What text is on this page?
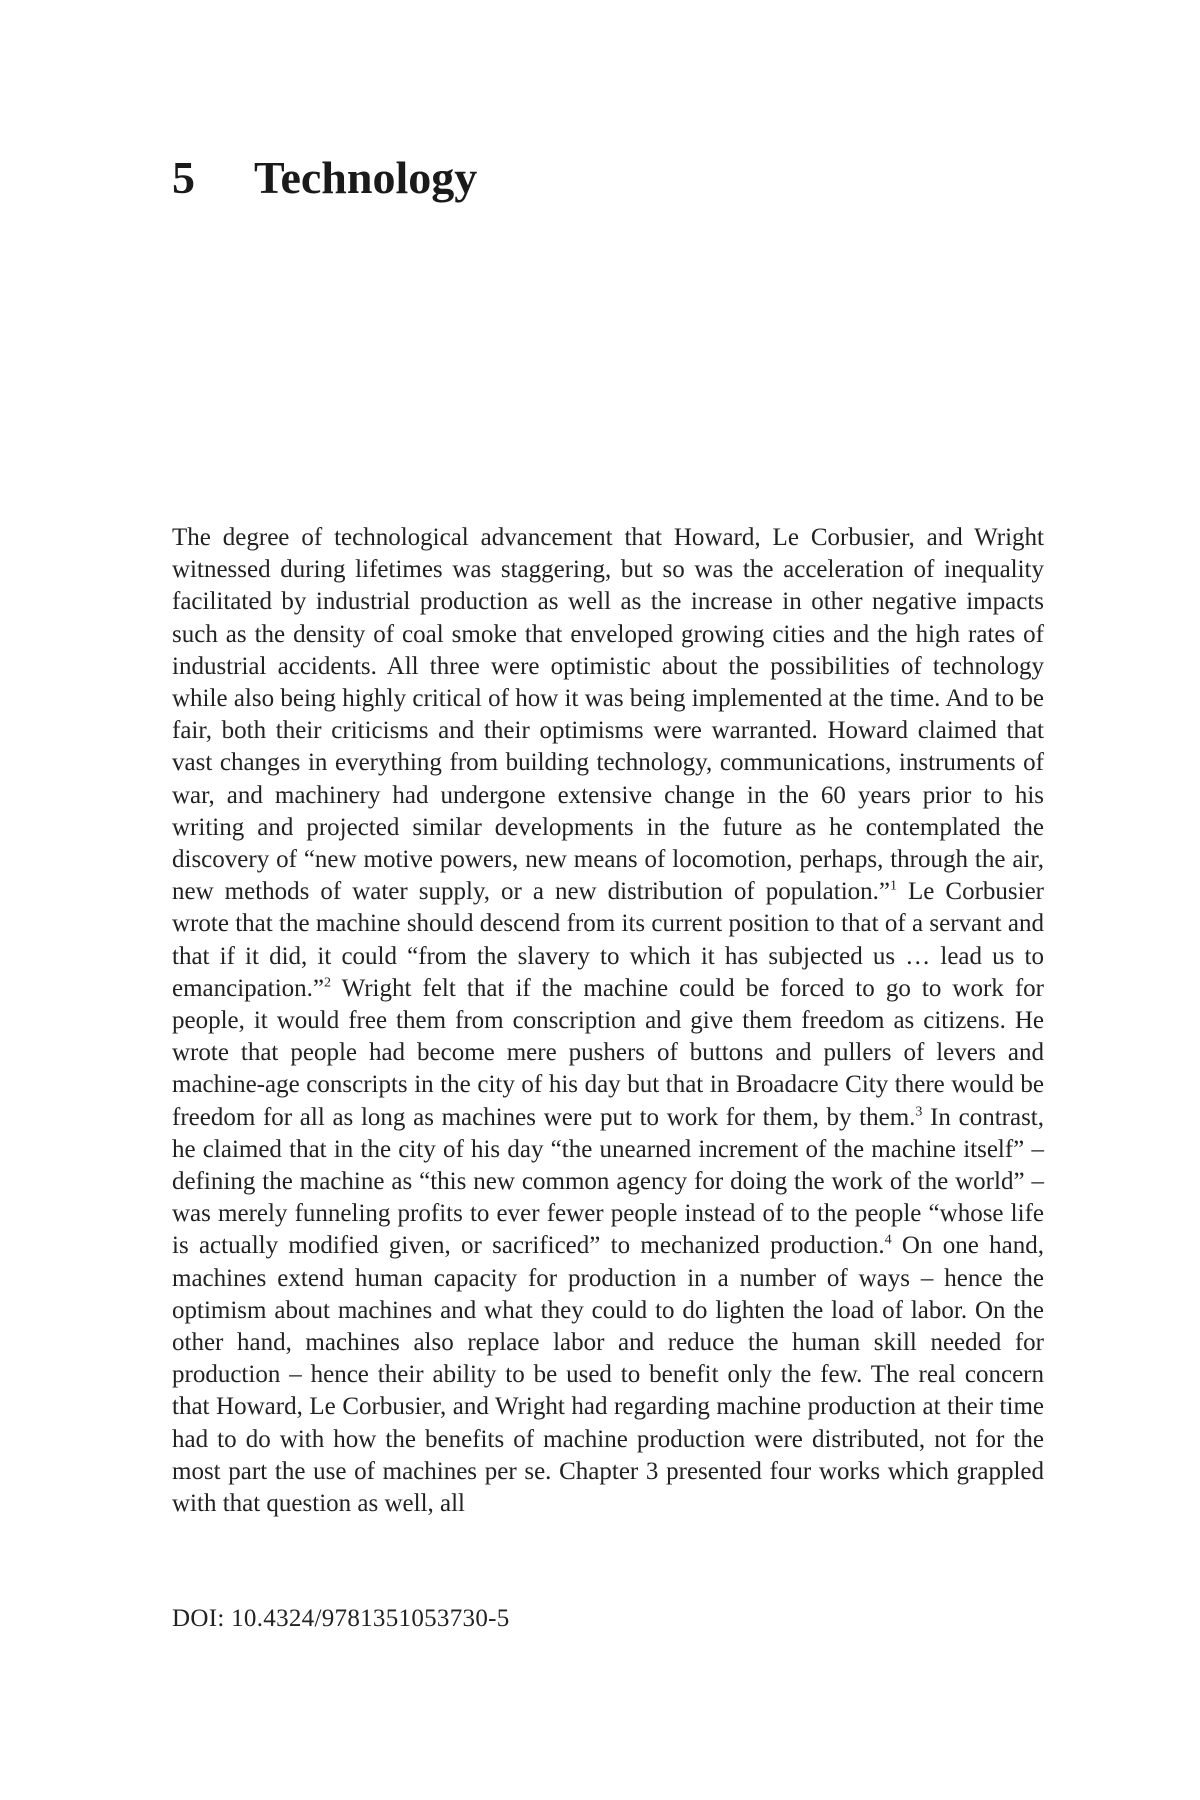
5	Technology

The degree of technological advancement that Howard, Le Corbusier, and Wright witnessed during lifetimes was staggering, but so was the acceleration of inequality facilitated by industrial production as well as the increase in other negative impacts such as the density of coal smoke that enveloped growing cities and the high rates of industrial accidents. All three were optimistic about the possibilities of technology while also being highly critical of how it was being implemented at the time. And to be fair, both their criticisms and their optimisms were warranted. Howard claimed that vast changes in everything from building technology, communications, instruments of war, and machinery had undergone extensive change in the 60 years prior to his writing and projected similar developments in the future as he contemplated the discovery of “new motive powers, new means of locomotion, perhaps, through the air, new methods of water supply, or a new distribution of population.”$^1$ Le Corbusier wrote that the machine should descend from its current position to that of a servant and that if it did, it could “from the slavery to which it has subjected us … lead us to emancipation.”$^2$ Wright felt that if the machine could be forced to go to work for people, it would free them from conscription and give them freedom as citizens. He wrote that people had become mere pushers of buttons and pullers of levers and machine-age conscripts in the city of his day but that in Broadacre City there would be freedom for all as long as machines were put to work for them, by them.$^3$ In contrast, he claimed that in the city of his day “the unearned increment of the machine itself” – defining the machine as “this new common agency for doing the work of the world” – was merely funneling profits to ever fewer people instead of to the people “whose life is actually modified given, or sacrificed” to mechanized production.$^4$ On one hand, machines extend human capacity for production in a number of ways – hence the optimism about machines and what they could to do lighten the load of labor. On the other hand, machines also replace labor and reduce the human skill needed for production – hence their ability to be used to benefit only the few. The real concern that Howard, Le Corbusier, and Wright had regarding machine production at their time had to do with how the benefits of machine production were distributed, not for the most part the use of machines per se. Chapter 3 presented four works which grappled with that question as well, all

DOI: 10.4324/9781351053730-5
